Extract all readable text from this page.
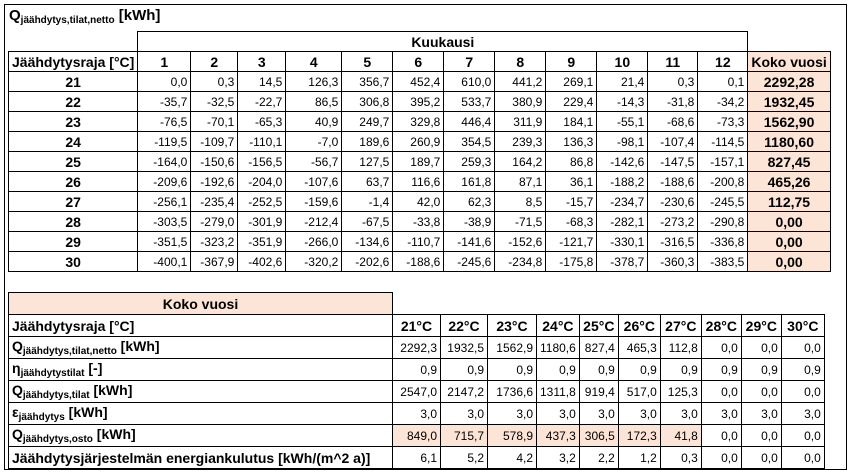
$Q_{jäähdytys,tilat,netto}$ [kWh]
	Kuukausi												
Jäähdytysraja [°C]	1	2	3	4	5	6	7	8	9	10	11	12	Koko vuosi
21	0,0	0,3	14,5	126,3	356,7	452,4	610,0	441,2	269,1	21,4	0,3	0,1	2292,28
22	-35,7	-32,5	-22,7	86,5	306,8	395,2	533,7	380,9	229,4	-14,3	-31,8	-34,2	1932,45
23	-76,5	-70,1	-65,3	40,9	249,7	329,8	446,4	311,9	184,1	-55,1	-68,6	-73,3	1562,90
24	-119,5	-109,7	-110,1	-7,0	189,6	260,9	354,5	239,3	136,3	-98,1	-107,4	-114,5	1180,60
25	-164,0	-150,6	-156,5	-56,7	127,5	189,7	259,3	164,2	86,8	-142,6	-147,5	-157,1	827,45
26	-209,6	-192,6	-204,0	-107,6	63,7	116,6	161,8	87,1	36,1	-188,2	-188,6	-200,8	465,26
27	-256,1	-235,4	-252,5	-159,6	-1,4	42,0	62,3	8,5	-15,7	-234,7	-230,6	-245,5	112,75
28	-303,5	-279,0	-301,9	-212,4	-67,5	-33,8	-38,9	-71,5	-68,3	-282,1	-273,2	-290,8	0,00
29	-351,5	-323,2	-351,9	-266,0	-134,6	-110,7	-141,6	-152,6	-121,7	-330,1	-316,5	-336,8	0,00
30	-400,1	-367,9	-402,6	-320,2	-202,6	-188,6	-245,6	-234,8	-175,8	-378,7	-360,3	-383,5	0,00
Koko vuosi										
Jäähdytysraja [°C]	21°C	22°C	23°C	24°C	25°C	26°C	27°C	28°C	29°C	30°C
$Q_{jäähdytys,tilat,netto}$ [kWh]	2292,3	1932,5	1562,9	1180,6	827,4	465,3	112,8	0,0	0,0	0,0
$\eta_{jäähdytystilat}$ [-]	0,9	0,9	0,9	0,9	0,9	0,9	0,9	0,9	0,9	0,9
$Q_{jäähdytys,tilat}$ [kWh]	2547,0	2147,2	1736,6	1311,8	919,4	517,0	125,3	0,0	0,0	0,0
$\varepsilon_{jäähdytys}$ [kWh]	3,0	3,0	3,0	3,0	3,0	3,0	3,0	3,0	3,0	3,0
$Q_{jäähdytys,osto}$ [kWh]	849,0	715,7	578,9	437,3	306,5	172,3	41,8	0,0	0,0	0,0
Jäähdytysjärjestelmän energiankulutus [kWh/(m^2 a)]	6,1	5,2	4,2	3,2	2,2	1,2	0,3	0,0	0,0	0,0
